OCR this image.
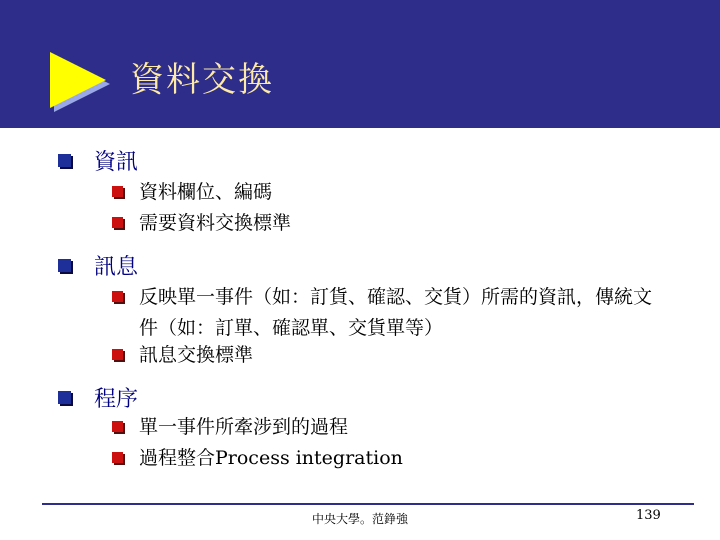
資料交換
資訊
資料欄位、編碼
需要資料交換標準
訊息
反映單一事件（如：訂貨、確認、交貨）所需的資訊，傳統文件（如：訂單、確認單、交貨單等）
訊息交換標準
程序
單一事件所牽涉到的過程
過程整合Process integration
中央大學。范錚強	139
